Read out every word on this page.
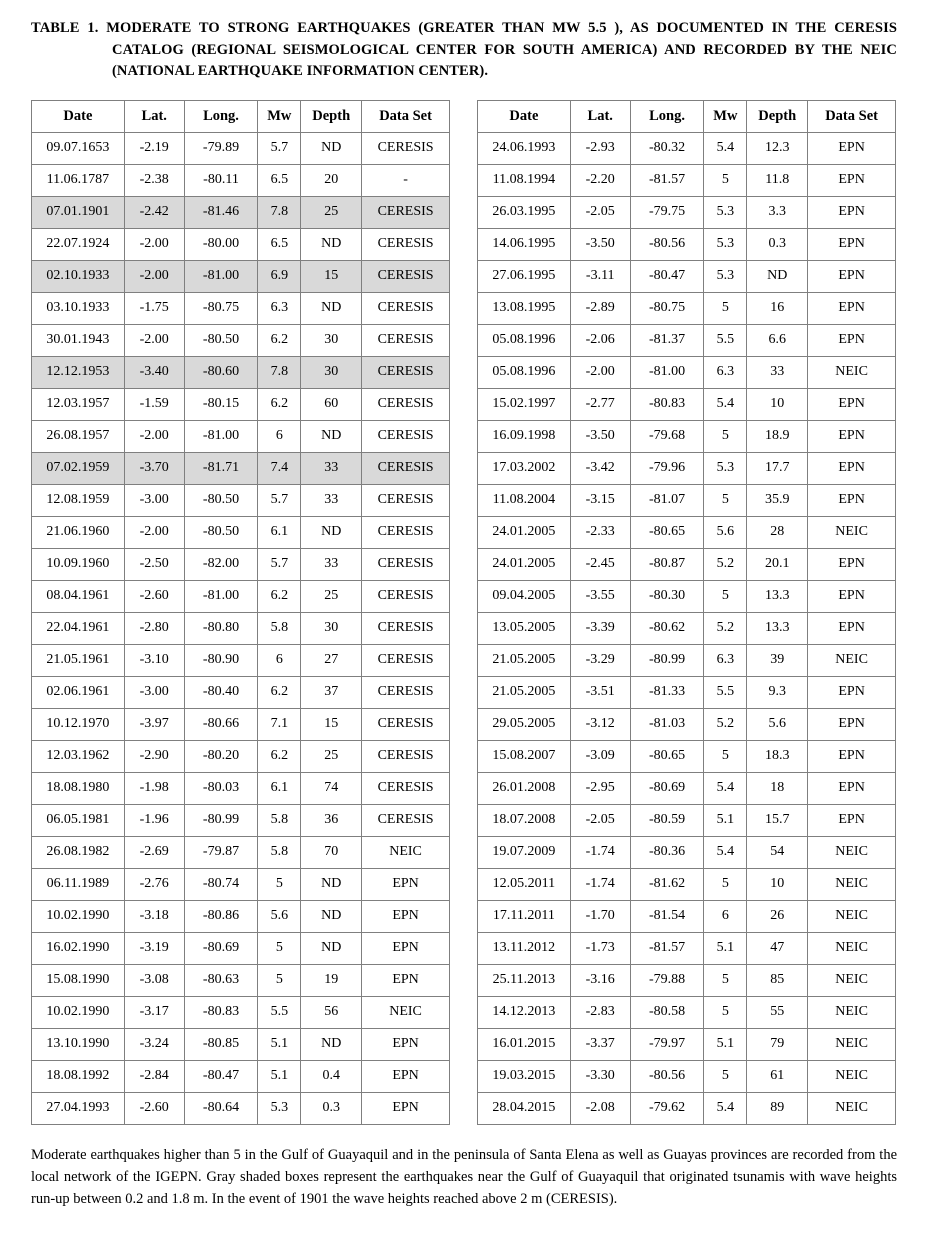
TABLE 1. MODERATE TO STRONG EARTHQUAKES (GREATER THAN MW 5.5 ), AS DOCUMENTED IN THE CERESIS CATALOG (REGIONAL SEISMOLOGICAL CENTER FOR SOUTH AMERICA) AND RECORDED BY THE NEIC (NATIONAL EARTHQUAKE INFORMATION CENTER).

Date	Lat.	Long.	Mw	Depth	Data Set
09.07.1653	-2.19	-79.89	5.7	ND	CERESIS
11.06.1787	-2.38	-80.11	6.5	20	-
07.01.1901	-2.42	-81.46	7.8	25	CERESIS
22.07.1924	-2.00	-80.00	6.5	ND	CERESIS
02.10.1933	-2.00	-81.00	6.9	15	CERESIS
03.10.1933	-1.75	-80.75	6.3	ND	CERESIS
30.01.1943	-2.00	-80.50	6.2	30	CERESIS
12.12.1953	-3.40	-80.60	7.8	30	CERESIS
12.03.1957	-1.59	-80.15	6.2	60	CERESIS
26.08.1957	-2.00	-81.00	6	ND	CERESIS
07.02.1959	-3.70	-81.71	7.4	33	CERESIS
12.08.1959	-3.00	-80.50	5.7	33	CERESIS
21.06.1960	-2.00	-80.50	6.1	ND	CERESIS
10.09.1960	-2.50	-82.00	5.7	33	CERESIS
08.04.1961	-2.60	-81.00	6.2	25	CERESIS
22.04.1961	-2.80	-80.80	5.8	30	CERESIS
21.05.1961	-3.10	-80.90	6	27	CERESIS
02.06.1961	-3.00	-80.40	6.2	37	CERESIS
10.12.1970	-3.97	-80.66	7.1	15	CERESIS
12.03.1962	-2.90	-80.20	6.2	25	CERESIS
18.08.1980	-1.98	-80.03	6.1	74	CERESIS
06.05.1981	-1.96	-80.99	5.8	36	CERESIS
26.08.1982	-2.69	-79.87	5.8	70	NEIC
06.11.1989	-2.76	-80.74	5	ND	EPN
10.02.1990	-3.18	-80.86	5.6	ND	EPN
16.02.1990	-3.19	-80.69	5	ND	EPN
15.08.1990	-3.08	-80.63	5	19	EPN
10.02.1990	-3.17	-80.83	5.5	56	NEIC
13.10.1990	-3.24	-80.85	5.1	ND	EPN
18.08.1992	-2.84	-80.47	5.1	0.4	EPN
27.04.1993	-2.60	-80.64	5.3	0.3	EPN
Date	Lat.	Long.	Mw	Depth	Data Set
24.06.1993	-2.93	-80.32	5.4	12.3	EPN
11.08.1994	-2.20	-81.57	5	11.8	EPN
26.03.1995	-2.05	-79.75	5.3	3.3	EPN
14.06.1995	-3.50	-80.56	5.3	0.3	EPN
27.06.1995	-3.11	-80.47	5.3	ND	EPN
13.08.1995	-2.89	-80.75	5	16	EPN
05.08.1996	-2.06	-81.37	5.5	6.6	EPN
05.08.1996	-2.00	-81.00	6.3	33	NEIC
15.02.1997	-2.77	-80.83	5.4	10	EPN
16.09.1998	-3.50	-79.68	5	18.9	EPN
17.03.2002	-3.42	-79.96	5.3	17.7	EPN
11.08.2004	-3.15	-81.07	5	35.9	EPN
24.01.2005	-2.33	-80.65	5.6	28	NEIC
24.01.2005	-2.45	-80.87	5.2	20.1	EPN
09.04.2005	-3.55	-80.30	5	13.3	EPN
13.05.2005	-3.39	-80.62	5.2	13.3	EPN
21.05.2005	-3.29	-80.99	6.3	39	NEIC
21.05.2005	-3.51	-81.33	5.5	9.3	EPN
29.05.2005	-3.12	-81.03	5.2	5.6	EPN
15.08.2007	-3.09	-80.65	5	18.3	EPN
26.01.2008	-2.95	-80.69	5.4	18	EPN
18.07.2008	-2.05	-80.59	5.1	15.7	EPN
19.07.2009	-1.74	-80.36	5.4	54	NEIC
12.05.2011	-1.74	-81.62	5	10	NEIC
17.11.2011	-1.70	-81.54	6	26	NEIC
13.11.2012	-1.73	-81.57	5.1	47	NEIC
25.11.2013	-3.16	-79.88	5	85	NEIC
14.12.2013	-2.83	-80.58	5	55	NEIC
16.01.2015	-3.37	-79.97	5.1	79	NEIC
19.03.2015	-3.30	-80.56	5	61	NEIC
28.04.2015	-2.08	-79.62	5.4	89	NEIC

Moderate earthquakes higher than 5 in the Gulf of Guayaquil and in the peninsula of Santa Elena as well as Guayas provinces are recorded from the local network of the IGEPN. Gray shaded boxes represent the earthquakes near the Gulf of Guayaquil that originated tsunamis with wave heights run-up between 0.2 and 1.8 m. In the event of 1901 the wave heights reached above 2 m (CERESIS).
